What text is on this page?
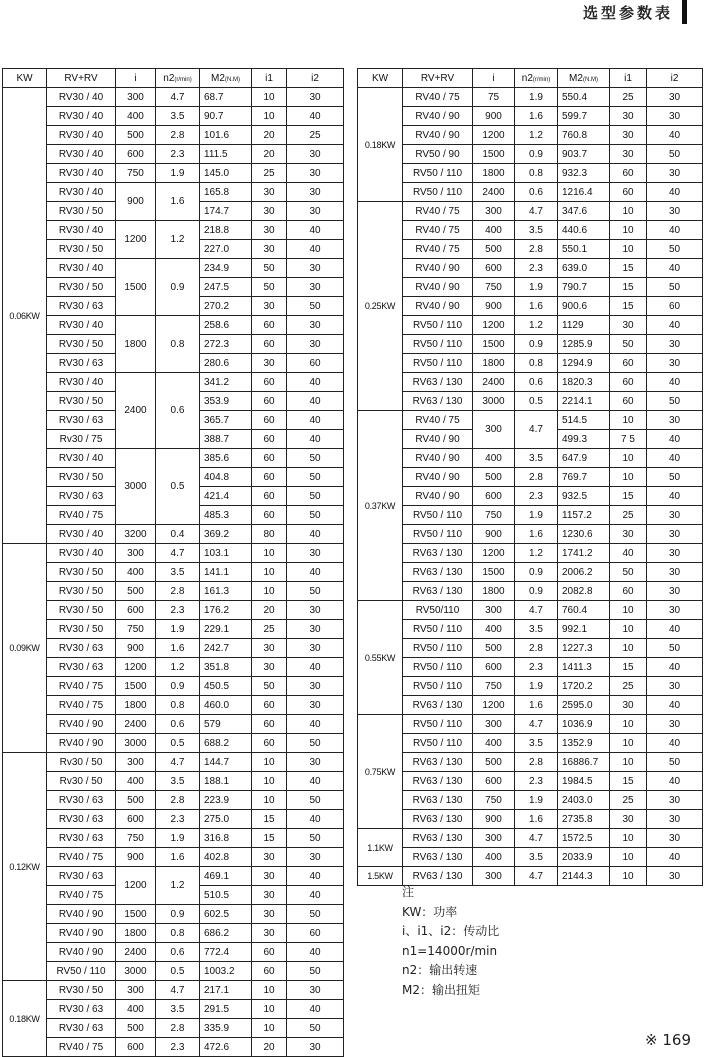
选型参数表
KW	RV+RV	i	n2(r/min)	M2(N.M)	i1	i2
0.06KW	RV30 / 40	300	4.7	68.7	10	30
	RV30 / 40	400	3.5	90.7	10	40
	RV30 / 40	500	2.8	101.6	20	25
	RV30 / 40	600	2.3	111.5	20	30
	RV30 / 40	750	1.9	145.0	25	30
	RV30 / 40	900	1.6	165.8	30	30
	RV30 / 50			174.7	30	30
	RV30 / 40	1200	1.2	218.8	30	40
	RV30 / 50			227.0	30	40
	RV30 / 40	1500	0.9	234.9	50	30
	RV30 / 50			247.5	50	30
	RV30 / 63			270.2	30	50
	RV30 / 40	1800	0.8	258.6	60	30
	RV30 / 50			272.3	60	30
	RV30 / 63			280.6	30	60
	RV30 / 40	2400	0.6	341.2	60	40
	RV30 / 50			353.9	60	40
	RV30 / 63			365.7	60	40
	Rv30 / 75			388.7	60	40
	RV30 / 40	3000	0.5	385.6	60	50
	RV30 / 50			404.8	60	50
	RV30 / 63			421.4	60	50
	RV40 / 75			485.3	60	50
	RV30 / 40	3200	0.4	369.2	80	40
0.09KW	RV30 / 40	300	4.7	103.1	10	30
	RV30 / 50	400	3.5	141.1	10	40
	RV30 / 50	500	2.8	161.3	10	50
	RV30 / 50	600	2.3	176.2	20	30
	RV30 / 50	750	1.9	229.1	25	30
	RV30 / 63	900	1.6	242.7	30	30
	RV30 / 63	1200	1.2	351.8	30	40
	RV40 / 75	1500	0.9	450.5	50	30
	RV40 / 75	1800	0.8	460.0	60	30
	RV40 / 90	2400	0.6	579	60	40
	RV40 / 90	3000	0.5	688.2	60	50
0.12KW	Rv30 / 50	300	4.7	144.7	10	30
	Rv30 / 50	400	3.5	188.1	10	40
	RV30 / 63	500	2.8	223.9	10	50
	RV30 / 63	600	2.3	275.0	15	40
	RV30 / 63	750	1.9	316.8	15	50
	RV40 / 75	900	1.6	402.8	30	30
	RV30 / 63	1200	1.2	469.1	30	40
	RV40 / 75			510.5	30	40
	RV40 / 90	1500	0.9	602.5	30	50
	RV40 / 90	1800	0.8	686.2	30	60
	RV40 / 90	2400	0.6	772.4	60	40
	RV50 / 110	3000	0.5	1003.2	60	50
0.18KW	RV30 / 50	300	4.7	217.1	10	30
	RV30 / 63	400	3.5	291.5	10	40
	RV30 / 63	500	2.8	335.9	10	50
	RV40 / 75	600	2.3	472.6	20	30
KW	RV+RV	i	n2(r/min)	M2(N.M)	i1	i2
0.18KW	RV40 / 75	75	1.9	550.4	25	30
	RV40 / 90	900	1.6	599.7	30	30
	RV40 / 90	1200	1.2	760.8	30	40
	RV50 / 90	1500	0.9	903.7	30	50
	RV50 / 110	1800	0.8	932.3	60	30
	RV50 / 110	2400	0.6	1216.4	60	40
0.25KW	RV40 / 75	300	4.7	347.6	10	30
	RV40 / 75	400	3.5	440.6	10	40
	RV40 / 75	500	2.8	550.1	10	50
	RV40 / 90	600	2.3	639.0	15	40
	RV40 / 90	750	1.9	790.7	15	50
	RV40 / 90	900	1.6	900.6	15	60
	RV50 / 110	1200	1.2	1129	30	40
	RV50 / 110	1500	0.9	1285.9	50	30
	RV50 / 110	1800	0.8	1294.9	60	30
	RV63 / 130	2400	0.6	1820.3	60	40
	RV63 / 130	3000	0.5	2214.1	60	50
0.37KW	RV40 / 75	300	4.7	514.5	10	30
	RV40 / 90			499.3	7 5	40
	RV40 / 90	400	3.5	647.9	10	40
	RV40 / 90	500	2.8	769.7	10	50
	RV40 / 90	600	2.3	932.5	15	40
	RV50 / 110	750	1.9	1157.2	25	30
	RV50 / 110	900	1.6	1230.6	30	30
	RV63 / 130	1200	1.2	1741.2	40	30
	RV63 / 130	1500	0.9	2006.2	50	30
	RV63 / 130	1800	0.9	2082.8	60	30
0.55KW	RV50/110	300	4.7	760.4	10	30
	RV50 / 110	400	3.5	992.1	10	40
	RV50 / 110	500	2.8	1227.3	10	50
	RV50 / 110	600	2.3	1411.3	15	40
	RV50 / 110	750	1.9	1720.2	25	30
	RV63 / 130	1200	1.6	2595.0	30	40
0.75KW	RV50 / 110	300	4.7	1036.9	10	30
	RV50 / 110	400	3.5	1352.9	10	40
	RV63 / 130	500	2.8	16886.7	10	50
	RV63 / 130	600	2.3	1984.5	15	40
	RV63 / 130	750	1.9	2403.0	25	30
	RV63 / 130	900	1.6	2735.8	30	30
1.1KW	RV63 / 130	300	4.7	1572.5	10	30
	RV63 / 130	400	3.5	2033.9	10	40
1.5KW	RV63 / 130	300	4.7	2144.3	10	30
注
KW：功率
i、i1、i2：传动比
n1=14000r/min
n2：输出转速
M2：输出扭矩
※ 169
